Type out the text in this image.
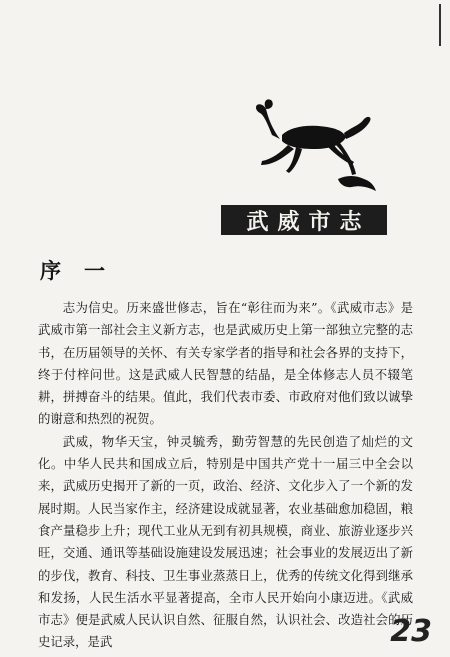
武威市志
序 一

志为信史。历来盛世修志，旨在“彰往而为来”。《武威市志》是武威市第一部社会主义新方志，也是武威历史上第一部独立完整的志书，在历届领导的关怀、有关专家学者的指导和社会各界的支持下，终于付梓问世。这是武威人民智慧的结晶，是全体修志人员不辍笔耕，拼搏奋斗的结果。值此，我们代表市委、市政府对他们致以诚挚的谢意和热烈的祝贺。

武威，物华天宝，钟灵毓秀，勤劳智慧的先民创造了灿烂的文化。中华人民共和国成立后，特别是中国共产党十一届三中全会以来，武威历史揭开了新的一页，政治、经济、文化步入了一个新的发展时期。人民当家作主，经济建设成就显著，农业基础愈加稳固，粮食产量稳步上升；现代工业从无到有初具规模，商业、旅游业逐步兴旺，交通、通讯等基础设施建设发展迅速；社会事业的发展迈出了新的步伐，教育、科技、卫生事业蒸蒸日上，优秀的传统文化得到继承和发扬，人民生活水平显著提高，全市人民开始向小康迈进。《武威市志》便是武威人民认识自然、征服自然，认识社会、改造社会的历史记录，是武	23
